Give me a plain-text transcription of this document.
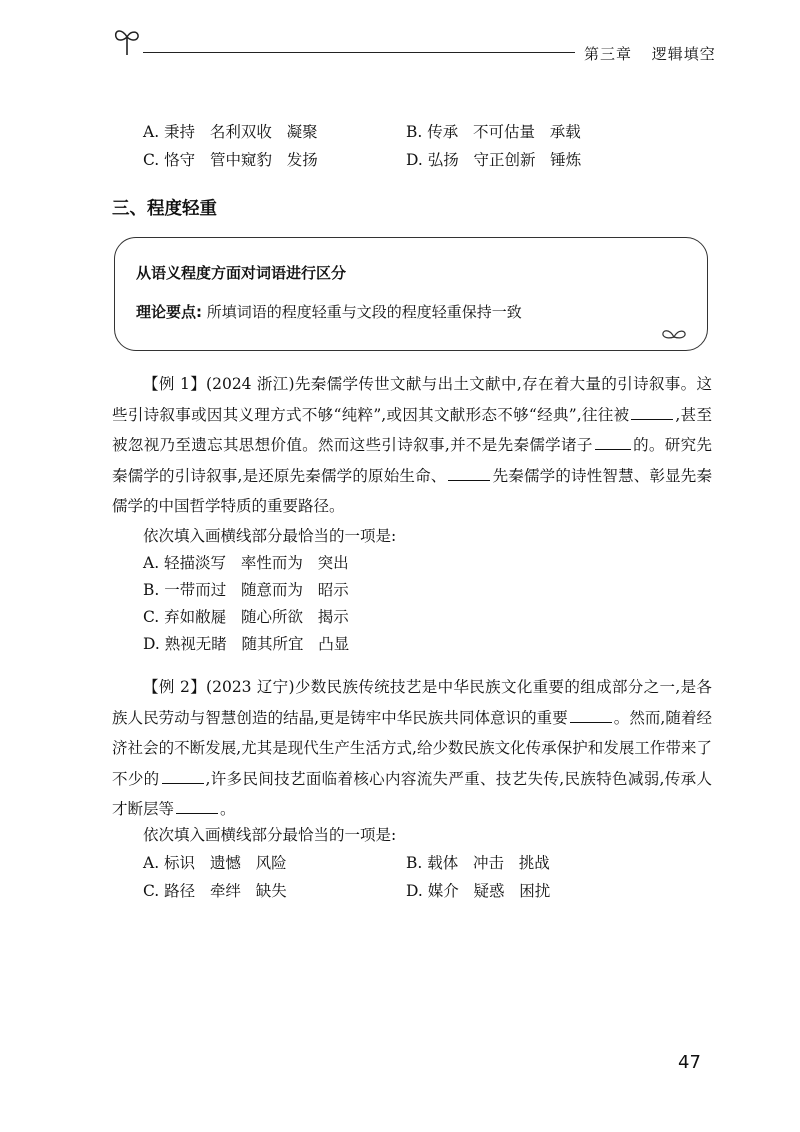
第三章 逻辑填空
A. 秉持   名利双收   凝聚	B. 传承   不可估量   承载
C. 恪守   管中窥豹   发扬	D. 弘扬   守正创新   锤炼
三、程度轻重
从语义程度方面对词语进行区分
理论要点: 所填词语的程度轻重与文段的程度轻重保持一致

【例 1】(2024 浙江)先秦儒学传世文献与出土文献中,存在着大量的引诗叙事。这些引诗叙事或因其义理方式不够“纯粹”,或因其文献形态不够“经典”,往往被	,甚至被忽视乃至遗忘其思想价值。然而这些引诗叙事,并不是先秦儒学诸子	的。研究先秦儒学的引诗叙事,是还原先秦儒学的原始生命、	先秦儒学的诗性智慧、彰显先秦儒学的中国哲学特质的重要路径。

依次填入画横线部分最恰当的一项是:
A. 轻描淡写   率性而为   突出
B. 一带而过   随意而为   昭示
C. 弃如敝屣   随心所欲   揭示
D. 熟视无睹   随其所宜   凸显

【例 2】(2023 辽宁)少数民族传统技艺是中华民族文化重要的组成部分之一,是各族人民劳动与智慧创造的结晶,更是铸牢中华民族共同体意识的重要	。然而,随着经济社会的不断发展,尤其是现代生产生活方式,给少数民族文化传承保护和发展工作带来了不少的	,许多民间技艺面临着核心内容流失严重、技艺失传,民族特色减弱,传承人才断层等	。

依次填入画横线部分最恰当的一项是:
A. 标识   遗憾   风险	B. 载体   冲击   挑战
C. 路径   牵绊   缺失	D. 媒介   疑惑   困扰
47
